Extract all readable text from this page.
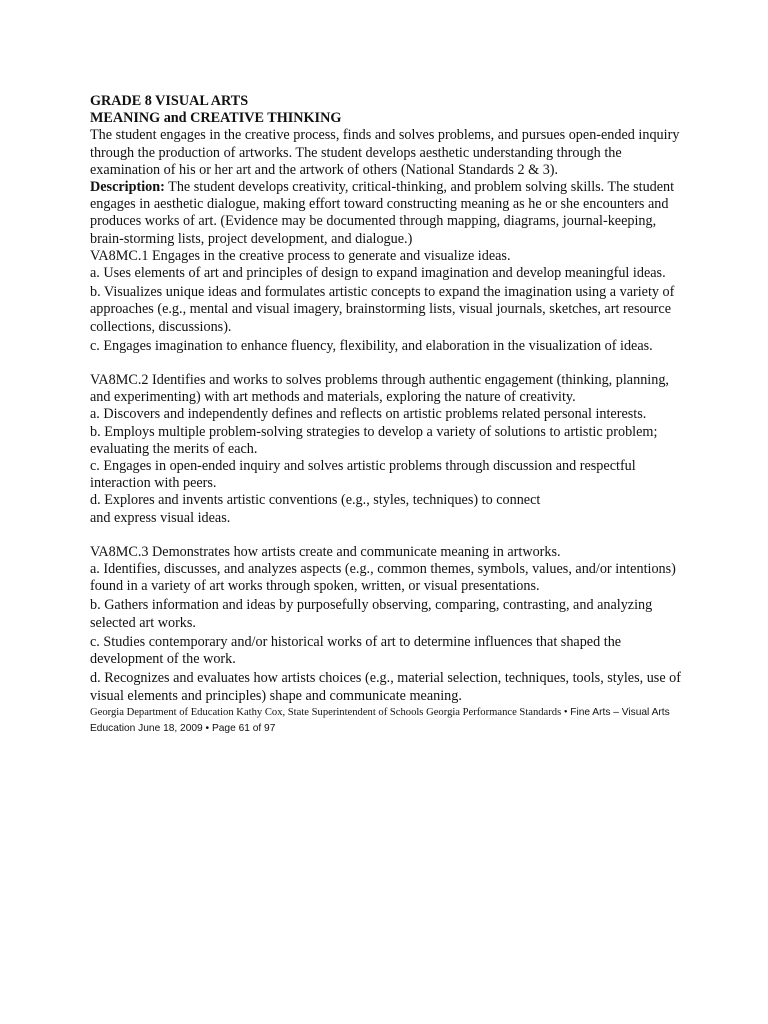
GRADE 8 VISUAL ARTS

MEANING and CREATIVE THINKING

The student engages in the creative process, finds and solves problems, and pursues open-ended inquiry through the production of artworks. The student develops aesthetic understanding through the examination of his or her art and the artwork of others (National Standards 2 & 3).

Description: The student develops creativity, critical-thinking, and problem solving skills. The student engages in aesthetic dialogue, making effort toward constructing meaning as he or she encounters and produces works of art. (Evidence may be documented through mapping, diagrams, journal-keeping, brain-storming lists, project development, and dialogue.)

VA8MC.1 Engages in the creative process to generate and visualize ideas.

a. Uses elements of art and principles of design to expand imagination and develop meaningful ideas.

b. Visualizes unique ideas and formulates artistic concepts to expand the imagination using a variety of approaches (e.g., mental and visual imagery, brainstorming lists, visual journals, sketches, art resource collections, discussions).

c. Engages imagination to enhance fluency, flexibility, and elaboration in the visualization of ideas.

VA8MC.2 Identifies and works to solves problems through authentic engagement (thinking, planning, and experimenting) with art methods and materials, exploring the nature of creativity.

a. Discovers and independently defines and reflects on artistic problems related personal interests.

b. Employs multiple problem-solving strategies to develop a variety of solutions to artistic problem; evaluating the merits of each.

c. Engages in open-ended inquiry and solves artistic problems through discussion and respectful interaction with peers.

d. Explores and invents artistic conventions (e.g., styles, techniques) to connect

and express visual ideas.

VA8MC.3 Demonstrates how artists create and communicate meaning in artworks.

a. Identifies, discusses, and analyzes aspects (e.g., common themes, symbols, values, and/or intentions) found in a variety of art works through spoken, written, or visual presentations.

b. Gathers information and ideas by purposefully observing, comparing, contrasting, and analyzing selected art works.

c. Studies contemporary and/or historical works of art to determine influences that shaped the development of the work.

d. Recognizes and evaluates how artists choices (e.g., material selection, techniques, tools, styles, use of visual elements and principles) shape and communicate meaning.

Georgia Department of Education Kathy Cox, State Superintendent of Schools Georgia Performance Standards • Fine Arts – Visual Arts Education June 18, 2009 • Page 61 of 97
